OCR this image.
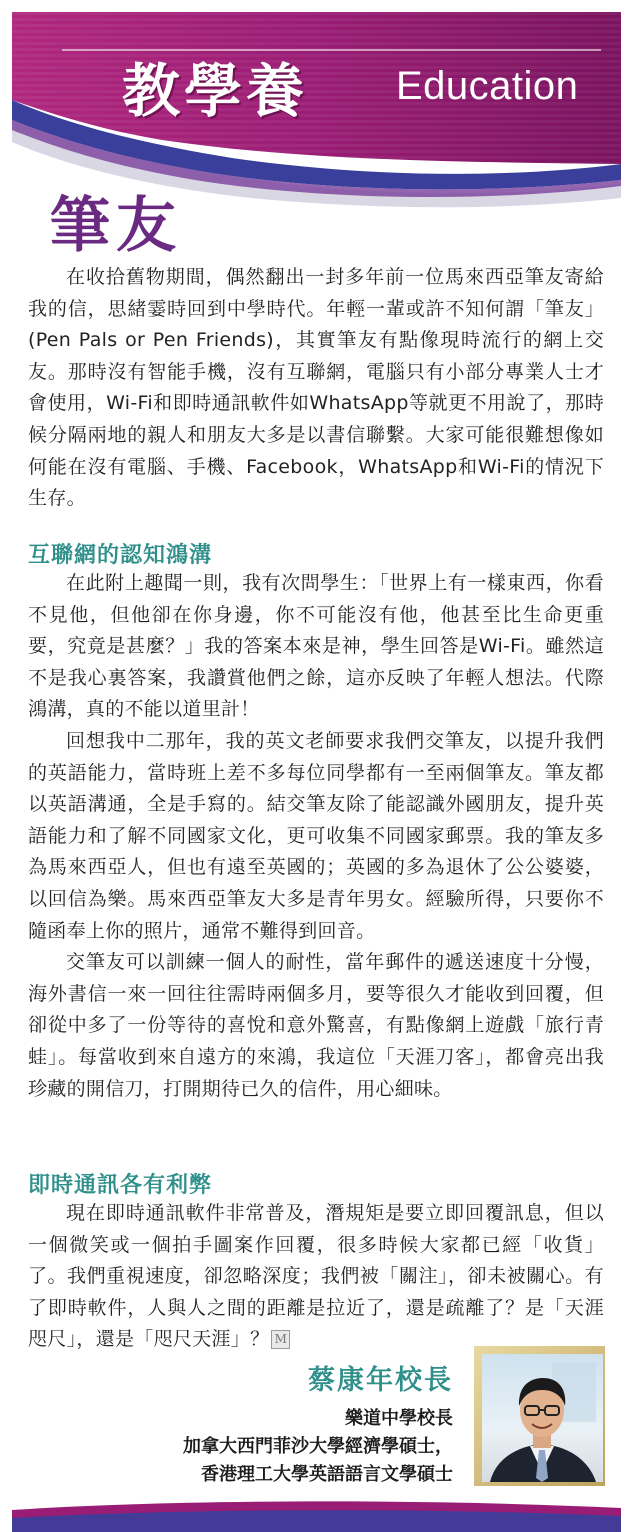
教學養 Education
筆友

在收拾舊物期間，偶然翻出一封多年前一位馬來西亞筆友寄給我的信，思緒霎時回到中學時代。年輕一輩或許不知何謂「筆友」(Pen Pals or Pen Friends)，其實筆友有點像現時流行的網上交友。那時沒有智能手機，沒有互聯網，電腦只有小部分專業人士才會使用，Wi-Fi和即時通訊軟件如WhatsApp等就更不用說了，那時候分隔兩地的親人和朋友大多是以書信聯繫。大家可能很難想像如何能在沒有電腦、手機、Facebook，WhatsApp和Wi-Fi的情況下生存。

互聯網的認知鴻溝

在此附上趣聞一則，我有次問學生：「世界上有一樣東西，你看不見他，但他卻在你身邊，你不可能沒有他，他甚至比生命更重要，究竟是甚麼？」我的答案本來是神，學生回答是Wi-Fi。雖然這不是我心裏答案，我讚賞他們之餘，這亦反映了年輕人想法。代際鴻溝，真的不能以道里計！

回想我中二那年，我的英文老師要求我們交筆友，以提升我們的英語能力，當時班上差不多每位同學都有一至兩個筆友。筆友都以英語溝通，全是手寫的。結交筆友除了能認識外國朋友，提升英語能力和了解不同國家文化，更可收集不同國家郵票。我的筆友多為馬來西亞人，但也有遠至英國的；英國的多為退休了公公婆婆，以回信為樂。馬來西亞筆友大多是青年男女。經驗所得，只要你不隨函奉上你的照片，通常不難得到回音。

交筆友可以訓練一個人的耐性，當年郵件的遞送速度十分慢，海外書信一來一回往往需時兩個多月，要等很久才能收到回覆，但卻從中多了一份等待的喜悅和意外驚喜，有點像網上遊戲「旅行青蛙」。每當收到來自遠方的來鴻，我這位「天涯刀客」，都會亮出我珍藏的開信刀，打開期待已久的信件，用心細味。

即時通訊各有利弊

現在即時通訊軟件非常普及，潛規矩是要立即回覆訊息，但以一個微笑或一個拍手圖案作回覆，很多時候大家都已經「收貨」了。我們重視速度，卻忽略深度；我們被「關注」，卻未被關心。有了即時軟件，人與人之間的距離是拉近了，還是疏離了？是「天涯咫尺」，還是「咫尺天涯」？ M

蔡康年校長
樂道中學校長
加拿大西門菲沙大學經濟學碩士，
香港理工大學英語語言文學碩士
